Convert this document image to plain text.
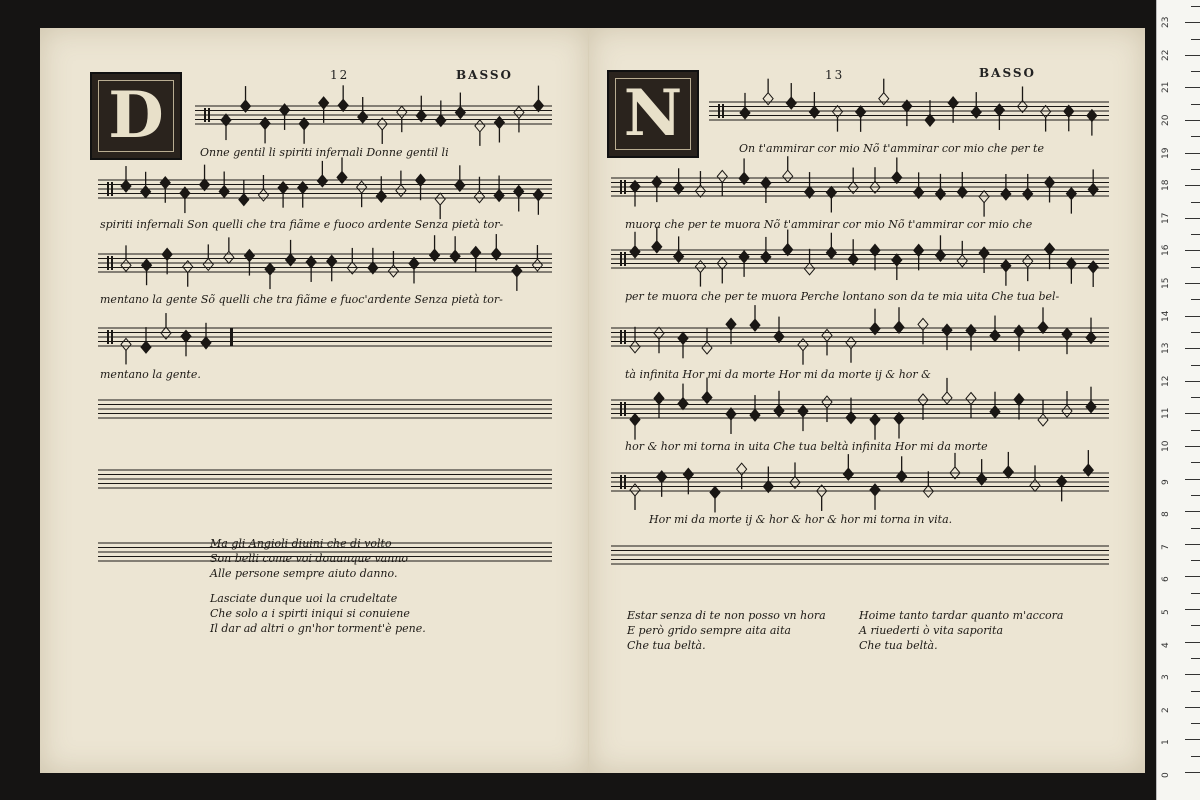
12	BASSO
D	Onne gentil li spiriti infernali Donne gentil li
spiriti infernali Son quelli che tra fiãme e fuoco ardente Senza pietà tor-
mentano la gente Sõ quelli che tra fiãme e fuoc'ardente Senza pietà tor-
mentano la gente.
Ma gli Angioli diuini che di volto
Son belli come voi douunque vanno
Alle persone sempre aiuto danno.
Lasciate dunque uoi la crudeltate
Che solo a i spirti iniqui si conuiene
Il dar ad altri o gn'hor torment'è pene.
13	BASSO
N	On t'ammirar cor mio Nõ t'ammirar cor mio che per te
muora che per te muora Nõ t'ammirar cor mio Nõ t'ammirar cor mio che
per te muora che per te muora Perche lontano son da te mia uita Che tua bel-
tà infinita Hor mi da morte Hor mi da morte ij & hor &
hor & hor mi torna in uita Che tua beltà infinita Hor mi da morte
Hor mi da morte ij & hor & hor & hor mi torna in vita.
Estar senza di te non posso vn hora
E però grido sempre aita aita
Che tua beltà.
Hoime tanto tardar quanto m'accora
A riuederti ò vita saporita
Che tua beltà.
0
1
2
3
4
5
6
7
8
9
10
11
12
13
14
15
16
17
18
19
20
21
22
23
